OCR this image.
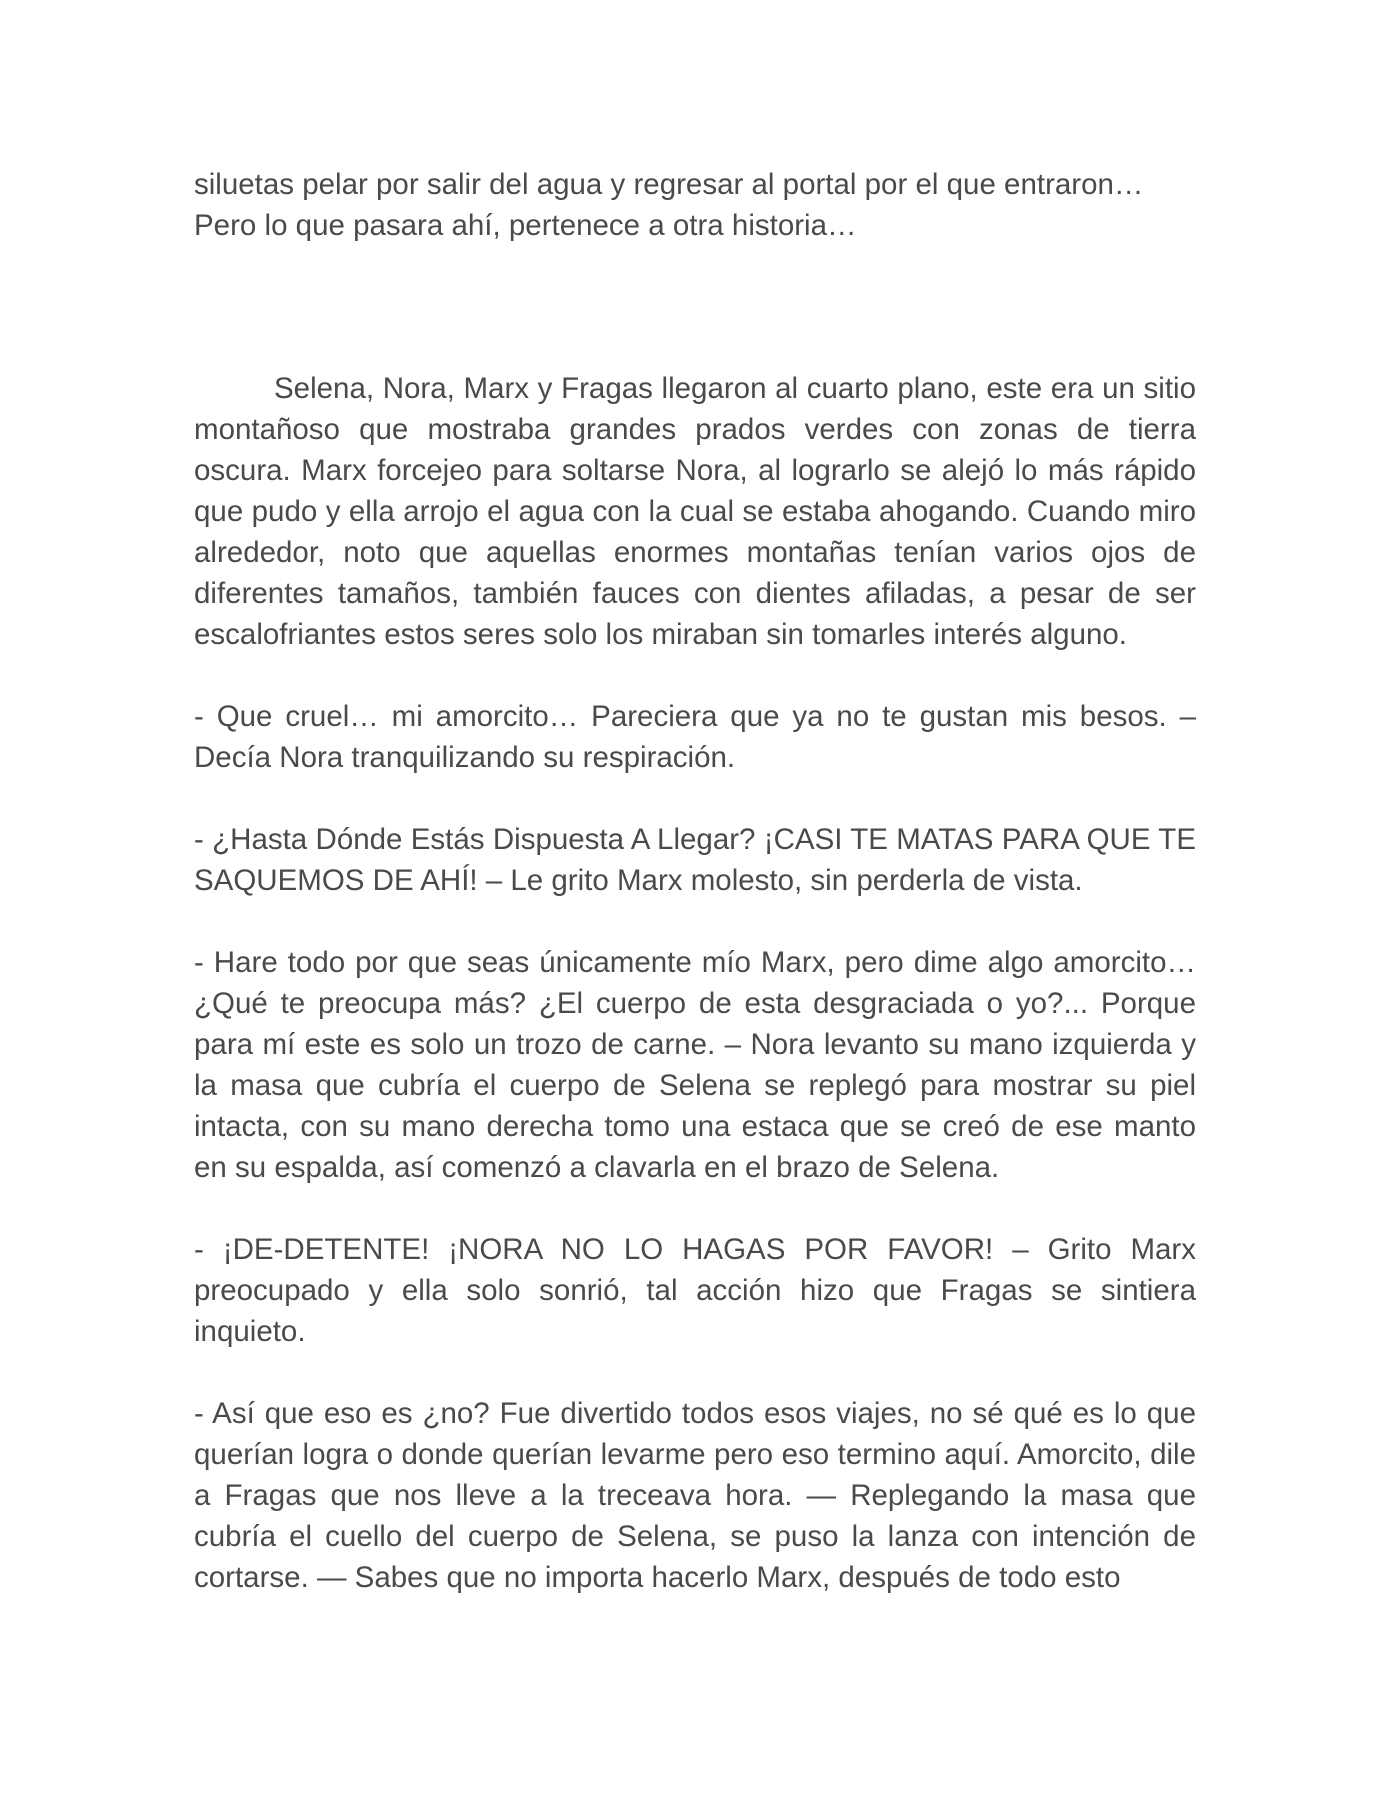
siluetas pelar por salir del agua y regresar al portal por el que entraron…

Pero lo que pasara ahí, pertenece a otra historia…

Selena, Nora, Marx y Fragas llegaron al cuarto plano, este era un sitio montañoso que mostraba grandes prados verdes con zonas de tierra oscura. Marx forcejeo para soltarse Nora, al lograrlo se alejó lo más rápido que pudo y ella arrojo el agua con la cual se estaba ahogando. Cuando miro alrededor, noto que aquellas enormes montañas tenían varios ojos de diferentes tamaños, también fauces con dientes afiladas, a pesar de ser escalofriantes estos seres solo los miraban sin tomarles interés alguno.

- Que cruel… mi amorcito… Pareciera que ya no te gustan mis besos. – Decía Nora tranquilizando su respiración.

- ¿Hasta Dónde Estás Dispuesta A Llegar? ¡CASI TE MATAS PARA QUE TE SAQUEMOS DE AHÍ! – Le grito Marx molesto, sin perderla de vista.

- Hare todo por que seas únicamente mío Marx, pero dime algo amorcito… ¿Qué te preocupa más? ¿El cuerpo de esta desgraciada o yo?... Porque para mí este es solo un trozo de carne. – Nora levanto su mano izquierda y la masa que cubría el cuerpo de Selena se replegó para mostrar su piel intacta, con su mano derecha tomo una estaca que se creó de ese manto en su espalda, así comenzó a clavarla en el brazo de Selena.

- ¡DE-DETENTE! ¡NORA NO LO HAGAS POR FAVOR! – Grito Marx preocupado y ella solo sonrió, tal acción hizo que Fragas se sintiera inquieto.

- Así que eso es ¿no? Fue divertido todos esos viajes, no sé qué es lo que querían logra o donde querían levarme pero eso termino aquí. Amorcito, dile a Fragas que nos lleve a la treceava hora. — Replegando la masa que cubría el cuello del cuerpo de Selena, se puso la lanza con intención de cortarse. — Sabes que no importa hacerlo Marx, después de todo esto
